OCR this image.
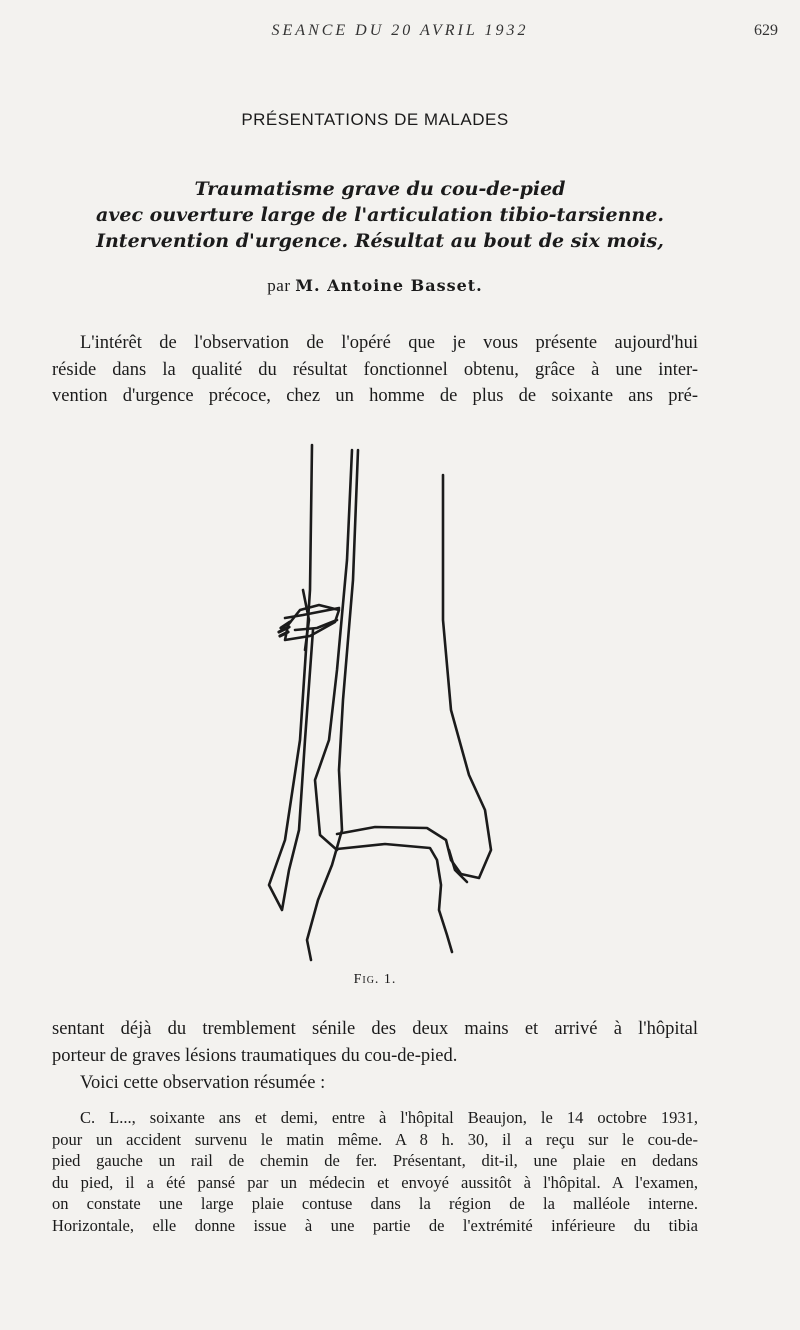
SEANCE DU 20 AVRIL 1932	629
PRÉSENTATIONS DE MALADES
Traumatisme grave du cou-de-pied
avec ouverture large de l'articulation tibio-tarsienne.
Intervention d'urgence. Résultat au bout de six mois,
par M. Antoine Basset.
L'intérêt de l'observation de l'opéré que je vous présente aujourd'hui
réside dans la qualité du résultat fonctionnel obtenu, grâce à une inter-
vention d'urgence précoce, chez un homme de plus de soixante ans pré-
Fig. 1.
sentant déjà du tremblement sénile des deux mains et arrivé à l'hôpital
porteur de graves lésions traumatiques du cou-de-pied.
Voici cette observation résumée :
C. L..., soixante ans et demi, entre à l'hôpital Beaujon, le 14 octobre 1931,
pour un accident survenu le matin même. A 8 h. 30, il a reçu sur le cou-de-
pied gauche un rail de chemin de fer. Présentant, dit-il, une plaie en dedans
du pied, il a été pansé par un médecin et envoyé aussitôt à l'hôpital. A l'examen,
on constate une large plaie contuse dans la région de la malléole interne.
Horizontale, elle donne issue à une partie de l'extrémité inférieure du tibia
